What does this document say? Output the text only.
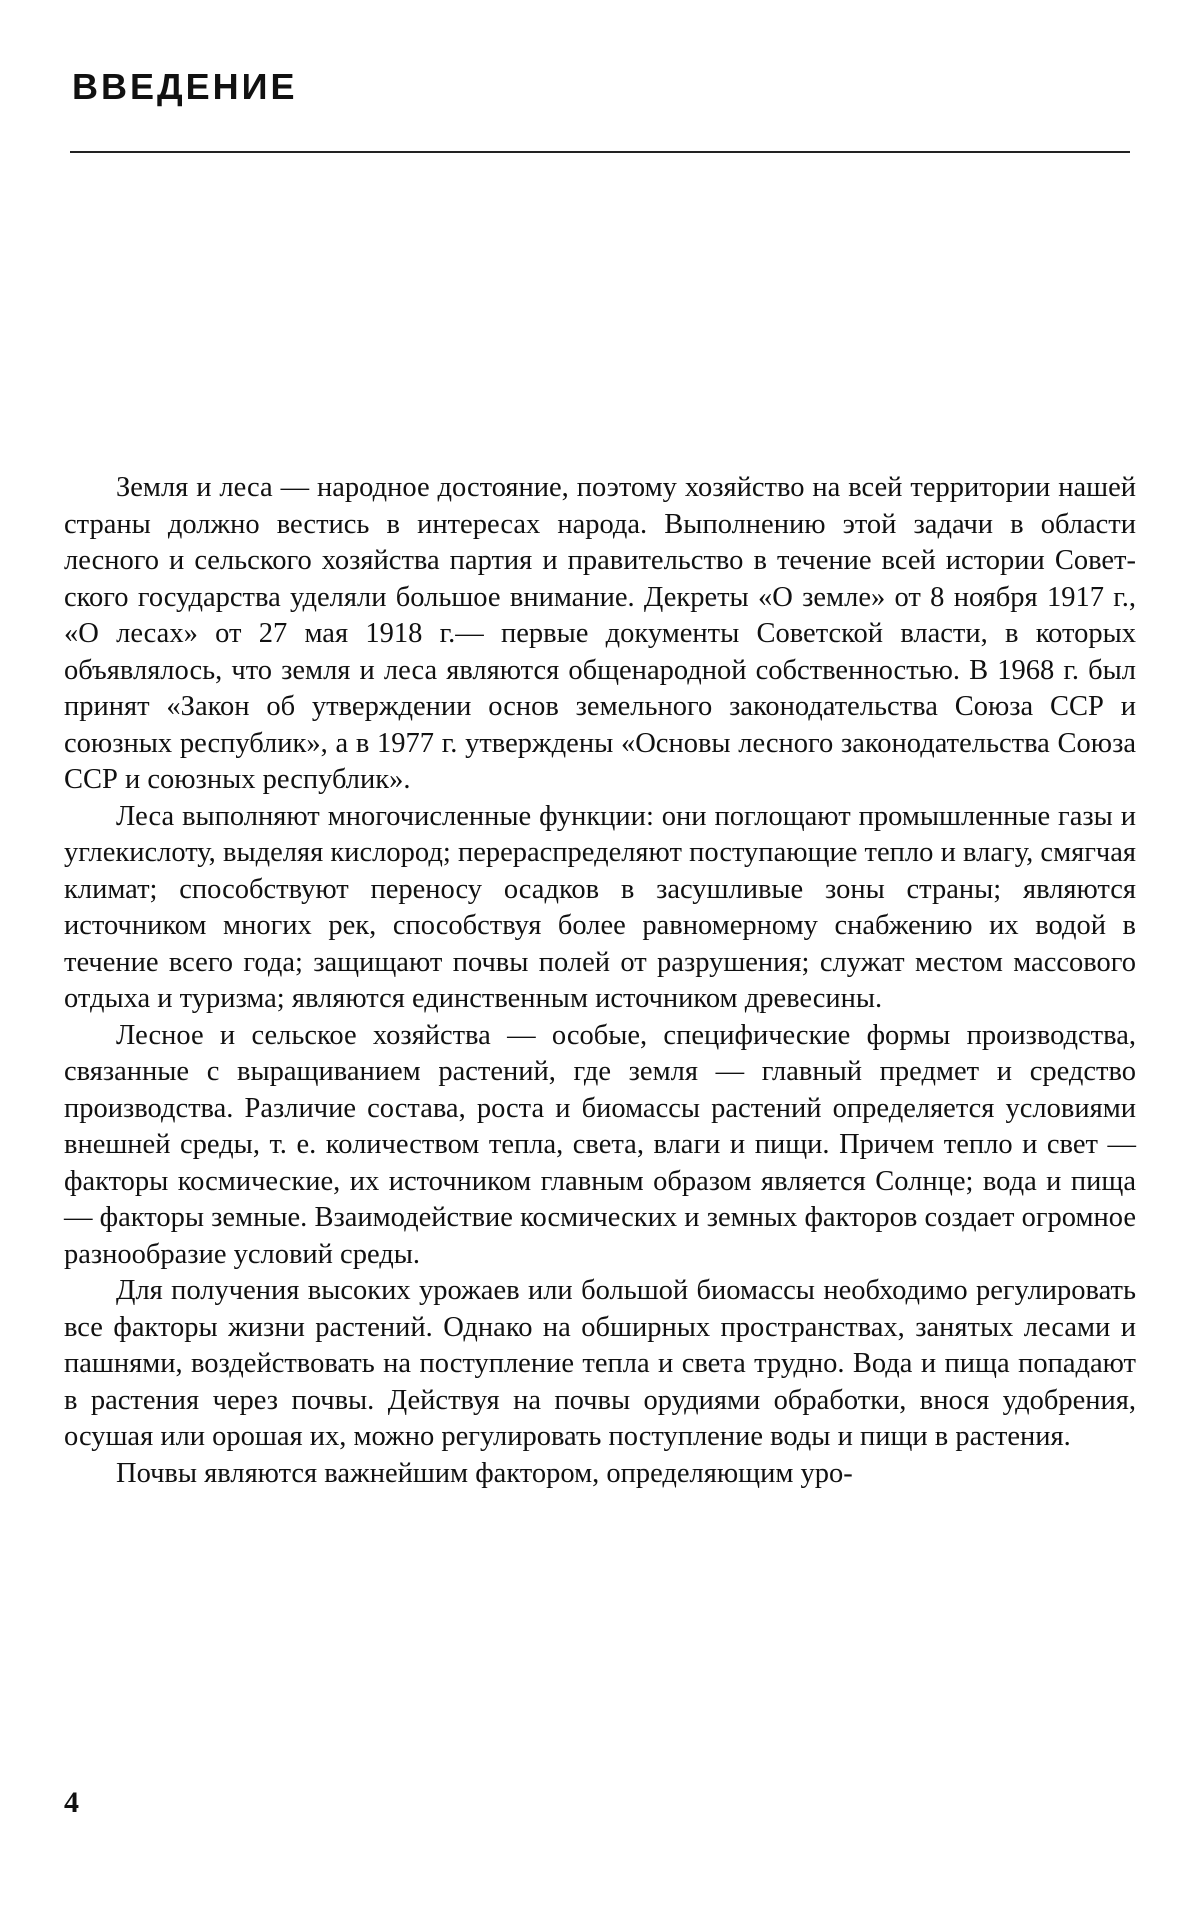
ВВЕДЕНИЕ

Земля и леса — народное достояние, поэтому хозяйство на всей территории нашей страны должно вестись в интересах народа. Выполнению этой задачи в области лесного и сельского хозяйства партия и правительство в течение всей истории Советского государства уделяли большое внимание. Декреты «О земле» от 8 ноября 1917 г., «О лесах» от 27 мая 1918 г.— первые документы Советской власти, в которых объявлялось, что земля и леса являются общенародной собственностью. В 1968 г. был принят «Закон об утверждении основ земельного законодательства Союза ССР и союзных республик», а в 1977 г. утверждены «Основы лесного законодательства Союза ССР и союзных республик».

Леса выполняют многочисленные функции: они поглощают промышленные газы и углекислоту, выделяя кислород; перераспределяют поступающие тепло и влагу, смягчая климат; способствуют переносу осадков в засушливые зоны страны; являются источником многих рек, способствуя более равномерному снабжению их водой в течение всего года; защищают почвы полей от разрушения; служат местом массового отдыха и туризма; являются единственным источником древесины.

Лесное и сельское хозяйства — особые, специфические формы производства, связанные с выращиванием растений, где земля — главный предмет и средство производства. Различие состава, роста и биомассы растений определяется условиями внешней среды, т. е. количеством тепла, света, влаги и пищи. Причем тепло и свет — факторы космические, их источником главным образом является Солнце; вода и пища — факторы земные. Взаимодействие космических и земных факторов создает огромное разнообразие условий среды.

Для получения высоких урожаев или большой биомассы необходимо регулировать все факторы жизни растений. Однако на обширных пространствах, занятых лесами и пашнями, воздействовать на поступление тепла и света трудно. Вода и пища попадают в растения через почвы. Действуя на почвы орудиями обработки, внося удобрения, осушая или орошая их, можно регулировать поступление воды и пищи в растения.

Почвы являются важнейшим фактором, определяющим уро-

4
